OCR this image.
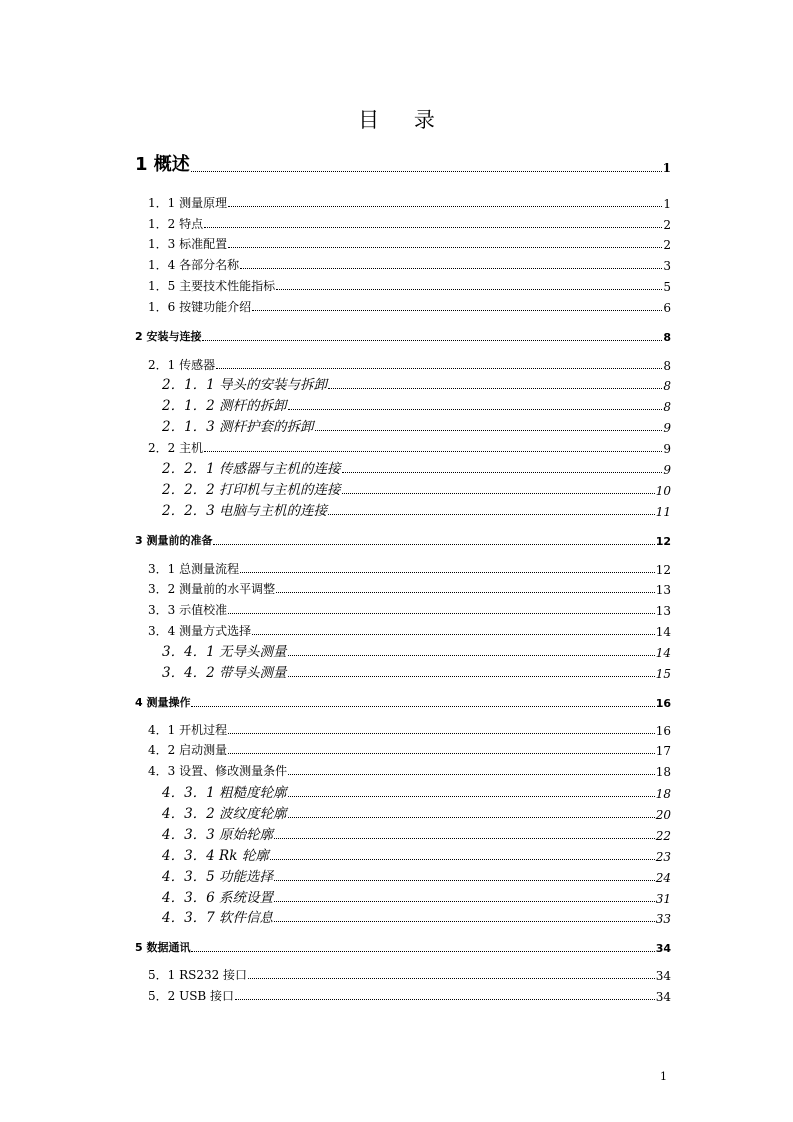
目 录
1 概述	1
1．1 测量原理	1
1．2 特点	2
1．3 标准配置	2
1．4 各部分名称	3
1．5 主要技术性能指标	5
1．6 按键功能介绍	6
2 安装与连接	8
2．1 传感器	8
2．1．1 导头的安装与拆卸	8
2．1．2 测杆的拆卸	8
2．1．3 测杆护套的拆卸	9
2．2 主机	9
2．2．1 传感器与主机的连接	9
2．2．2 打印机与主机的连接	10
2．2．3 电脑与主机的连接	11
3 测量前的准备	12
3．1 总测量流程	12
3．2 测量前的水平调整	13
3．3 示值校准	13
3．4 测量方式选择	14
3．4．1 无导头测量	14
3．4．2 带导头测量	15
4 测量操作	16
4．1 开机过程	16
4．2 启动测量	17
4．3 设置、修改测量条件	18
4．3．1 粗糙度轮廓	18
4．3．2 波纹度轮廓	20
4．3．3 原始轮廓	22
4．3．4 Rk 轮廓	23
4．3．5 功能选择	24
4．3．6 系统设置	31
4．3．7 软件信息	33
5 数据通讯	34
5．1 RS232 接口	34
5．2 USB 接口	34
1
